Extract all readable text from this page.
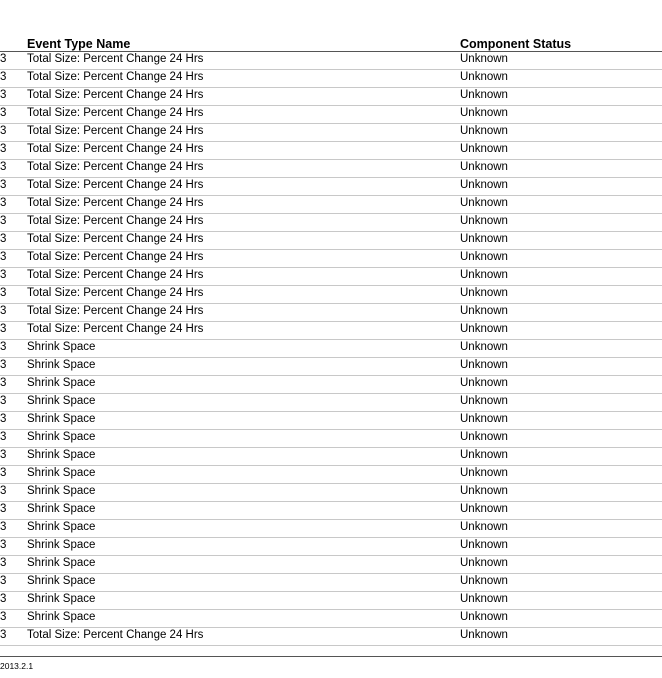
Event Type Name	Component Status
3 Total Size: Percent Change 24 Hrs	Unknown
3 Total Size: Percent Change 24 Hrs	Unknown
3 Total Size: Percent Change 24 Hrs	Unknown
3 Total Size: Percent Change 24 Hrs	Unknown
3 Total Size: Percent Change 24 Hrs	Unknown
3 Total Size: Percent Change 24 Hrs	Unknown
3 Total Size: Percent Change 24 Hrs	Unknown
3 Total Size: Percent Change 24 Hrs	Unknown
3 Total Size: Percent Change 24 Hrs	Unknown
3 Total Size: Percent Change 24 Hrs	Unknown
3 Total Size: Percent Change 24 Hrs	Unknown
3 Total Size: Percent Change 24 Hrs	Unknown
3 Total Size: Percent Change 24 Hrs	Unknown
3 Total Size: Percent Change 24 Hrs	Unknown
3 Total Size: Percent Change 24 Hrs	Unknown
3 Total Size: Percent Change 24 Hrs	Unknown
3 Shrink Space	Unknown
3 Shrink Space	Unknown
3 Shrink Space	Unknown
3 Shrink Space	Unknown
3 Shrink Space	Unknown
3 Shrink Space	Unknown
3 Shrink Space	Unknown
3 Shrink Space	Unknown
3 Shrink Space	Unknown
3 Shrink Space	Unknown
3 Shrink Space	Unknown
3 Shrink Space	Unknown
3 Shrink Space	Unknown
3 Shrink Space	Unknown
3 Shrink Space	Unknown
3 Shrink Space	Unknown
3 Total Size: Percent Change 24 Hrs	Unknown
2013.2.1
